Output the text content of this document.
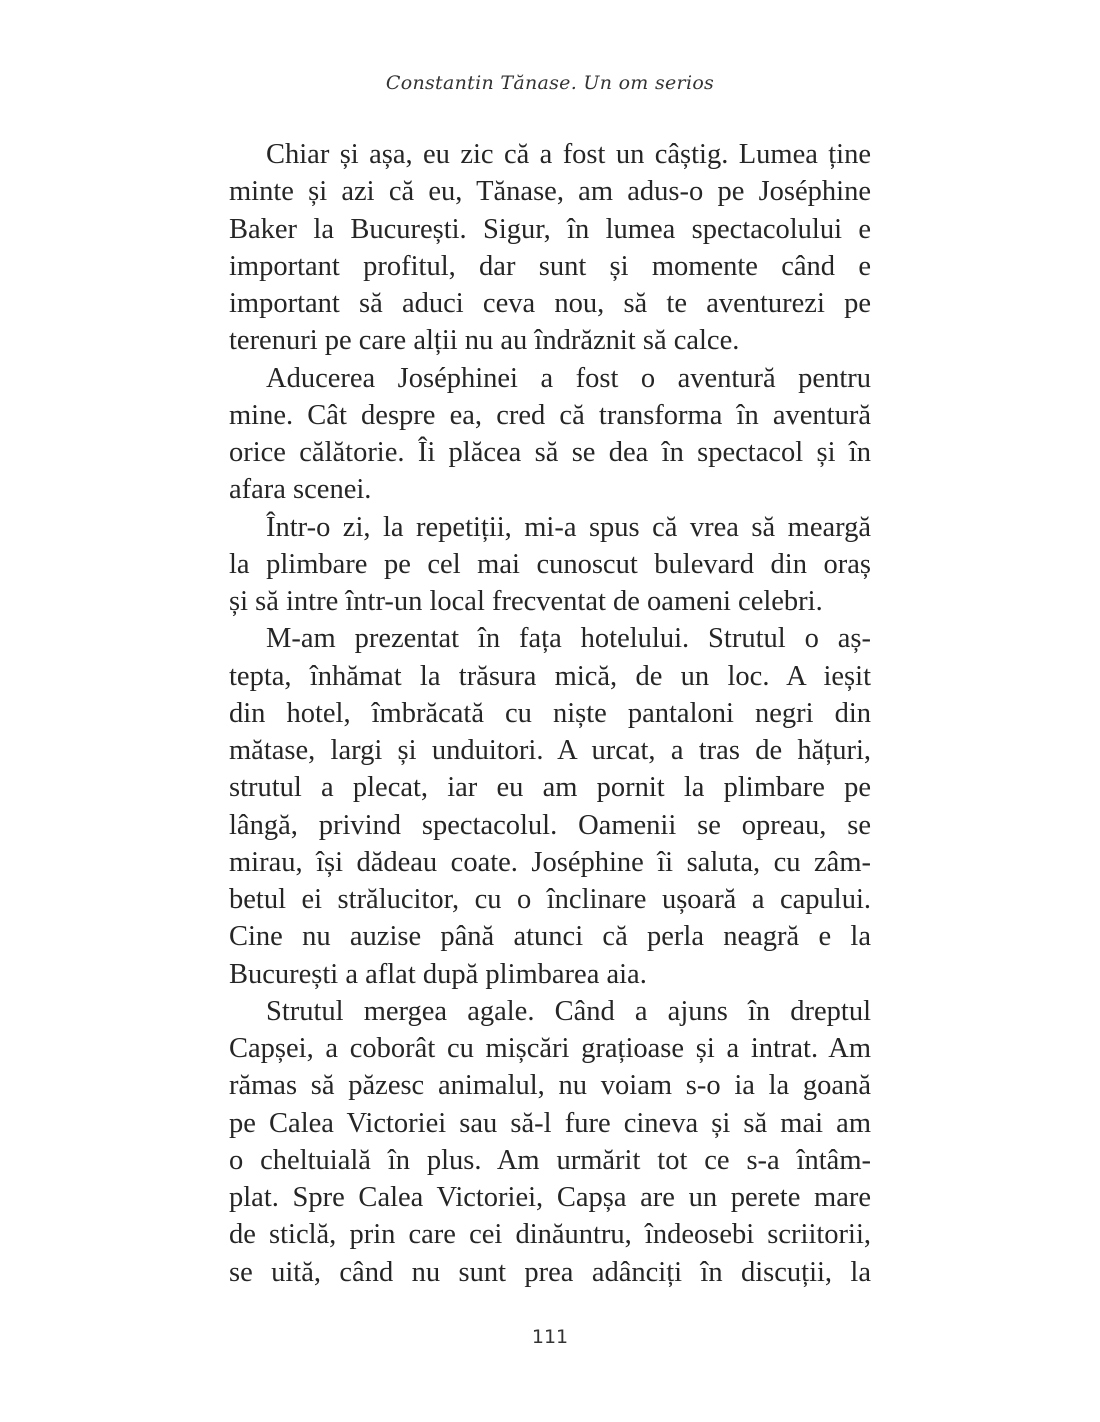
Constantin Tănase. Un om serios

Chiar și așa, eu zic că a fost un câștig. Lumea ține
minte și azi că eu, Tănase, am adus-o pe Joséphine
Baker la București. Sigur, în lumea spectacolului e
important profitul, dar sunt și momente când e
important să aduci ceva nou, să te aventurezi pe
terenuri pe care alții nu au îndrăznit să calce.

Aducerea Joséphinei a fost o aventură pentru
mine. Cât despre ea, cred că transforma în aventură
orice călătorie. Îi plăcea să se dea în spectacol și în
afara scenei.

Într-o zi, la repetiții, mi-a spus că vrea să meargă
la plimbare pe cel mai cunoscut bulevard din oraș
și să intre într-un local frecventat de oameni celebri.

M-am prezentat în fața hotelului. Strutul o aș-
tepta, înhămat la trăsura mică, de un loc. A ieșit
din hotel, îmbrăcată cu niște pantaloni negri din
mătase, largi și unduitori. A urcat, a tras de hățuri,
strutul a plecat, iar eu am pornit la plimbare pe
lângă, privind spectacolul. Oamenii se opreau, se
mirau, își dădeau coate. Joséphine îi saluta, cu zâm-
betul ei strălucitor, cu o înclinare ușoară a capului.
Cine nu auzise până atunci că perla neagră e la
București a aflat după plimbarea aia.

Strutul mergea agale. Când a ajuns în dreptul
Capșei, a coborât cu mișcări grațioase și a intrat. Am
rămas să păzesc animalul, nu voiam s-o ia la goană
pe Calea Victoriei sau să-l fure cineva și să mai am
o cheltuială în plus. Am urmărit tot ce s-a întâm-
plat. Spre Calea Victoriei, Capșa are un perete mare
de sticlă, prin care cei dinăuntru, îndeosebi scriitorii,
se uită, când nu sunt prea adânciți în discuții, la

111
